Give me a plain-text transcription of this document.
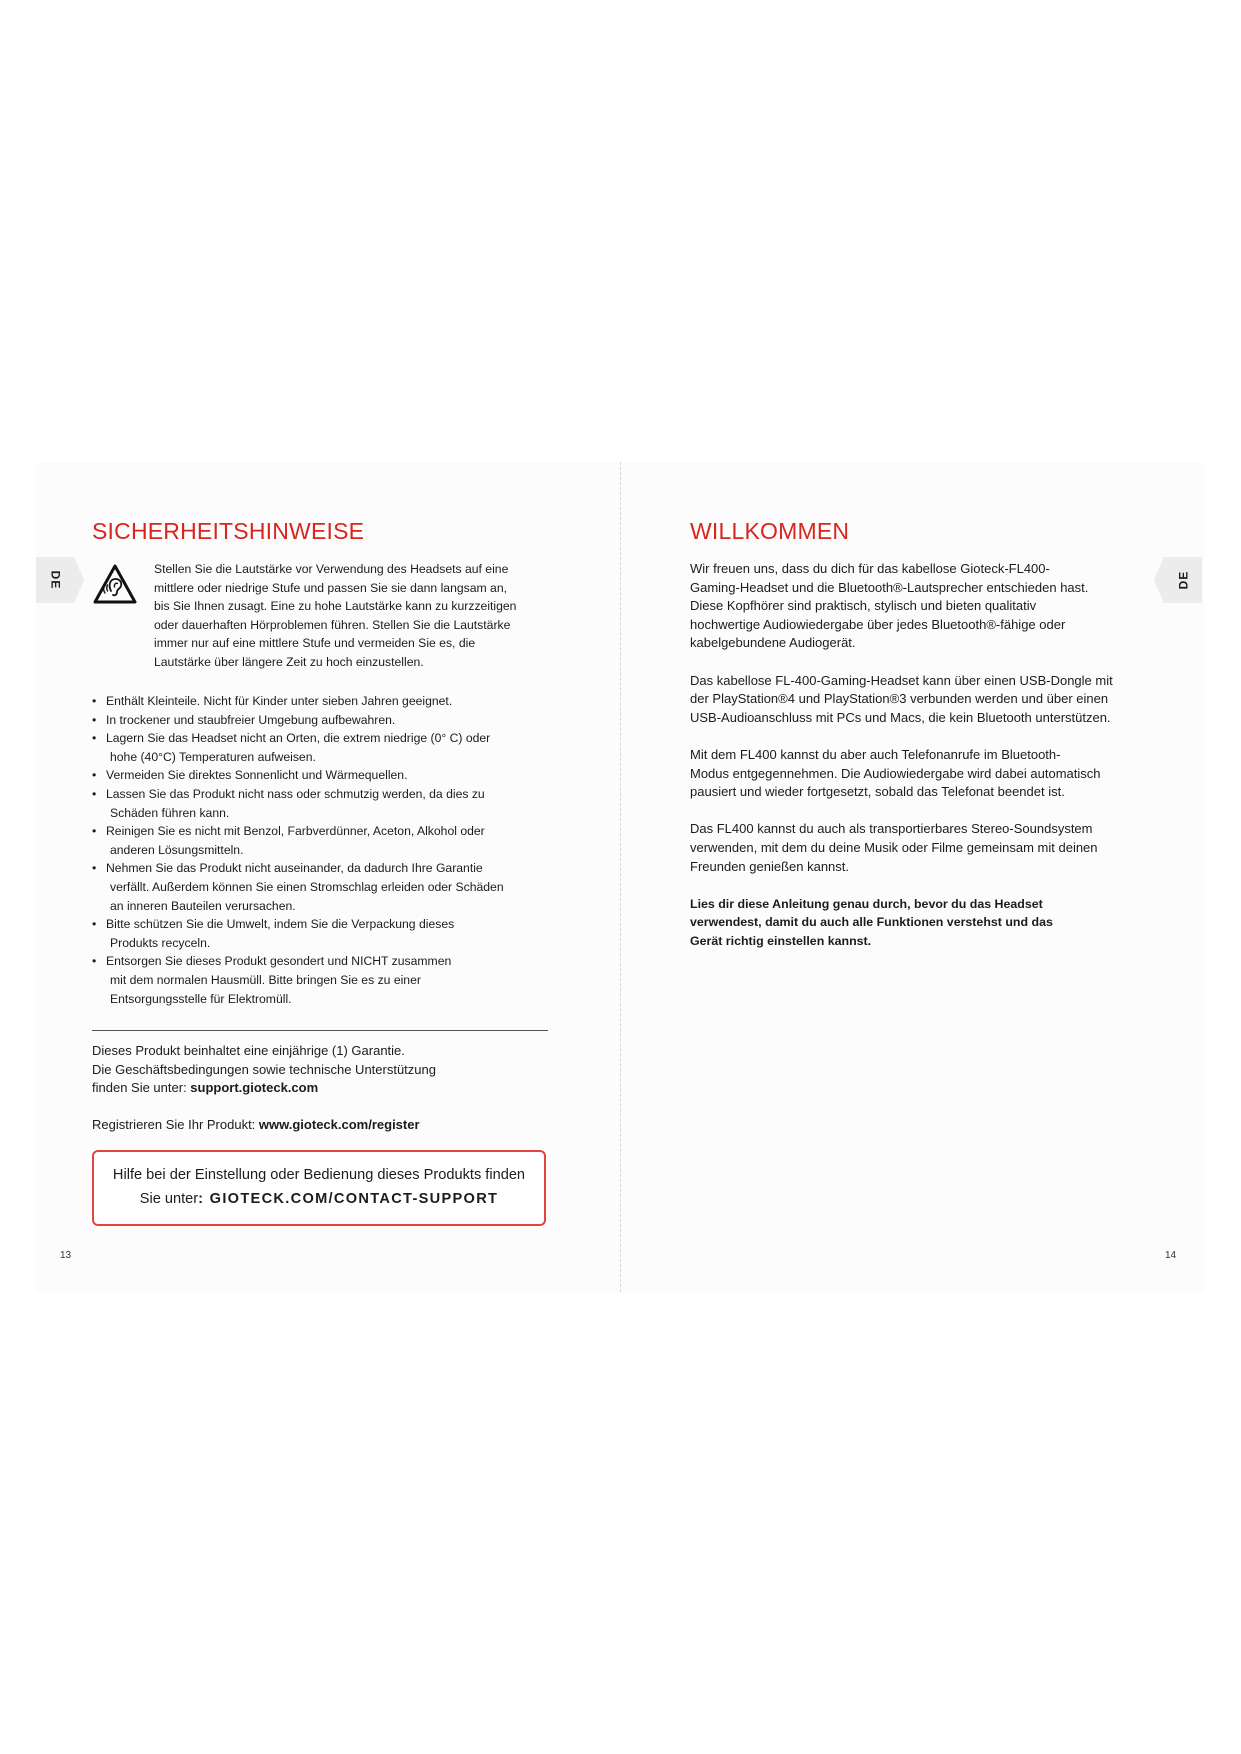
DE	DE
SICHERHEITSHINWEISE

Stellen Sie die Lautstärke vor Verwendung des Headsets auf eine
mittlere oder niedrige Stufe und passen Sie sie dann langsam an,
bis Sie Ihnen zusagt. Eine zu hohe Lautstärke kann zu kurzzeitigen
oder dauerhaften Hörproblemen führen. Stellen Sie die Lautstärke
immer nur auf eine mittlere Stufe und vermeiden Sie es, die
Lautstärke über längere Zeit zu hoch einzustellen.

• Enthält Kleinteile. Nicht für Kinder unter sieben Jahren geeignet.
• In trockener und staubfreier Umgebung aufbewahren.
• Lagern Sie das Headset nicht an Orten, die extrem niedrige (0° C) oder
hohe (40°C) Temperaturen aufweisen.
• Vermeiden Sie direktes Sonnenlicht und Wärmequellen.
• Lassen Sie das Produkt nicht nass oder schmutzig werden, da dies zu
Schäden führen kann.
• Reinigen Sie es nicht mit Benzol, Farbverdünner, Aceton, Alkohol oder
anderen Lösungsmitteln.
• Nehmen Sie das Produkt nicht auseinander, da dadurch Ihre Garantie
verfällt. Außerdem können Sie einen Stromschlag erleiden oder Schäden
an inneren Bauteilen verursachen.
• Bitte schützen Sie die Umwelt, indem Sie die Verpackung dieses
Produkts recyceln.
• Entsorgen Sie dieses Produkt gesondert und NICHT zusammen
mit dem normalen Hausmüll. Bitte bringen Sie es zu einer
Entsorgungsstelle für Elektromüll.

Dieses Produkt beinhaltet eine einjährige (1) Garantie.
Die Geschäftsbedingungen sowie technische Unterstützung
finden Sie unter: support.gioteck.com

Registrieren Sie Ihr Produkt: www.gioteck.com/register

Hilfe bei der Einstellung oder Bedienung dieses Produkts finden
Sie unter: GIOTECK.COM/CONTACT-SUPPORT
13
WILLKOMMEN

Wir freuen uns, dass du dich für das kabellose Gioteck-FL400-
Gaming-Headset und die Bluetooth®-Lautsprecher entschieden hast.
Diese Kopfhörer sind praktisch, stylisch und bieten qualitativ
hochwertige Audiowiedergabe über jedes Bluetooth®-fähige oder
kabelgebundene Audiogerät.

Das kabellose FL-400-Gaming-Headset kann über einen USB-Dongle mit
der PlayStation®4 und PlayStation®3 verbunden werden und über einen
USB-Audioanschluss mit PCs und Macs, die kein Bluetooth unterstützen.

Mit dem FL400 kannst du aber auch Telefonanrufe im Bluetooth-
Modus entgegennehmen. Die Audiowiedergabe wird dabei automatisch
pausiert und wieder fortgesetzt, sobald das Telefonat beendet ist.

Das FL400 kannst du auch als transportierbares Stereo-Soundsystem
verwenden, mit dem du deine Musik oder Filme gemeinsam mit deinen
Freunden genießen kannst.

Lies dir diese Anleitung genau durch, bevor du das Headset
verwendest, damit du auch alle Funktionen verstehst und das
Gerät richtig einstellen kannst.

14
